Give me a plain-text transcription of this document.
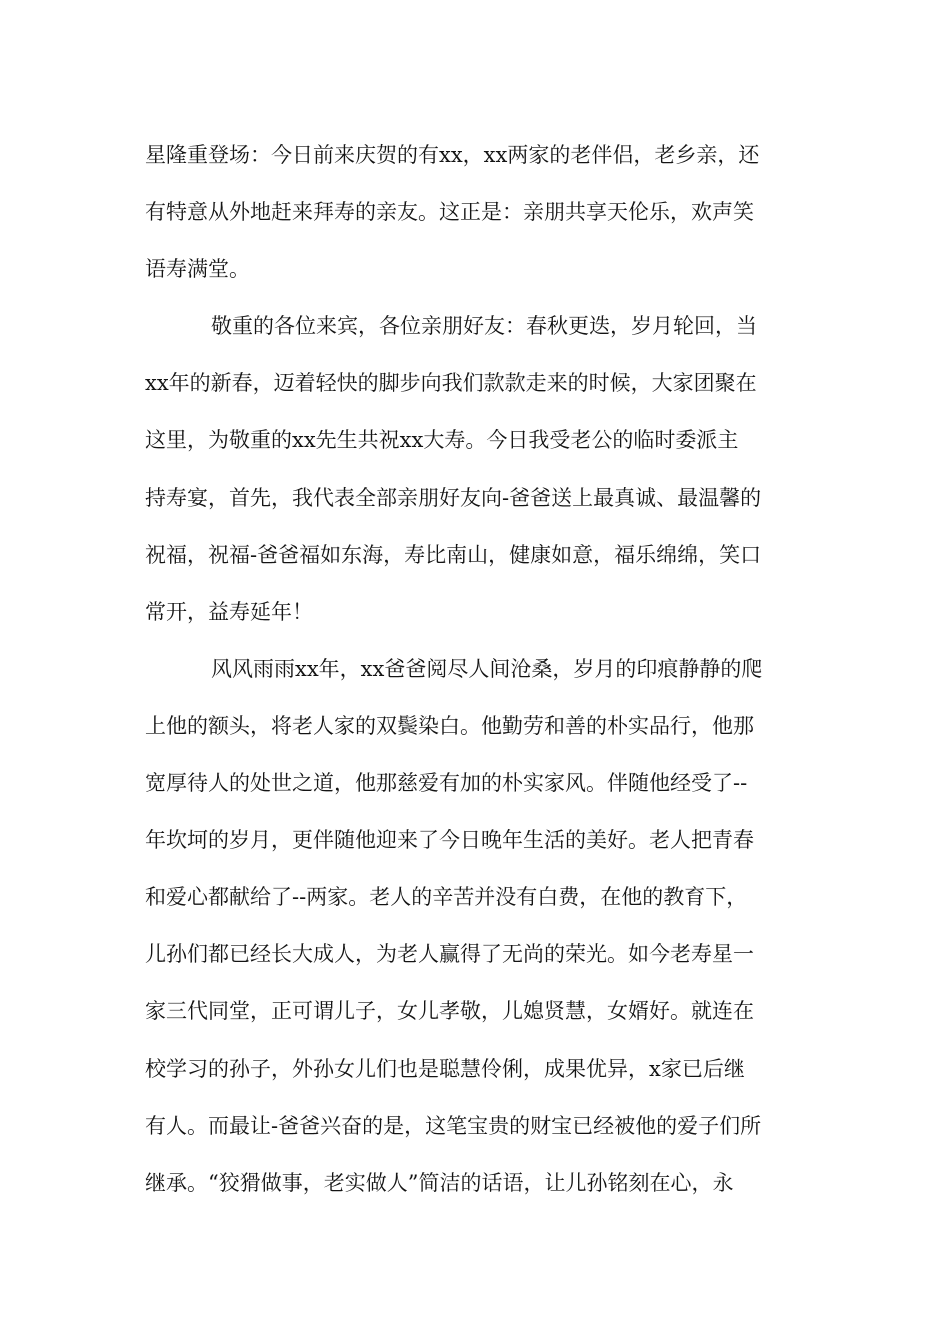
星隆重登场：今日前来庆贺的有xx，xx两家的老伴侣，老乡亲，还
有特意从外地赶来拜寿的亲友。这正是：亲朋共享天伦乐，欢声笑
语寿满堂。
敬重的各位来宾，各位亲朋好友：春秋更迭，岁月轮回，当
xx年的新春，迈着轻快的脚步向我们款款走来的时候，大家团聚在
这里，为敬重的xx先生共祝xx大寿。今日我受老公的临时委派主
持寿宴，首先，我代表全部亲朋好友向-爸爸送上最真诚、最温馨的
祝福，祝福-爸爸福如东海，寿比南山，健康如意，福乐绵绵，笑口
常开，益寿延年！
风风雨雨xx年，xx爸爸阅尽人间沧桑，岁月的印痕静静的爬
上他的额头，将老人家的双鬓染白。他勤劳和善的朴实品行，他那
宽厚待人的处世之道，他那慈爱有加的朴实家风。伴随他经受了--
年坎坷的岁月，更伴随他迎来了今日晚年生活的美好。老人把青春
和爱心都献给了--两家。老人的辛苦并没有白费，在他的教育下，
儿孙们都已经长大成人，为老人赢得了无尚的荣光。如今老寿星一
家三代同堂，正可谓儿子，女儿孝敬，儿媳贤慧，女婿好。就连在
校学习的孙子，外孙女儿们也是聪慧伶俐，成果优异，x家已后继
有人。而最让-爸爸兴奋的是，这笔宝贵的财宝已经被他的爱子们所
继承。“狡猾做事，老实做人”简洁的话语，让儿孙铭刻在心，永
